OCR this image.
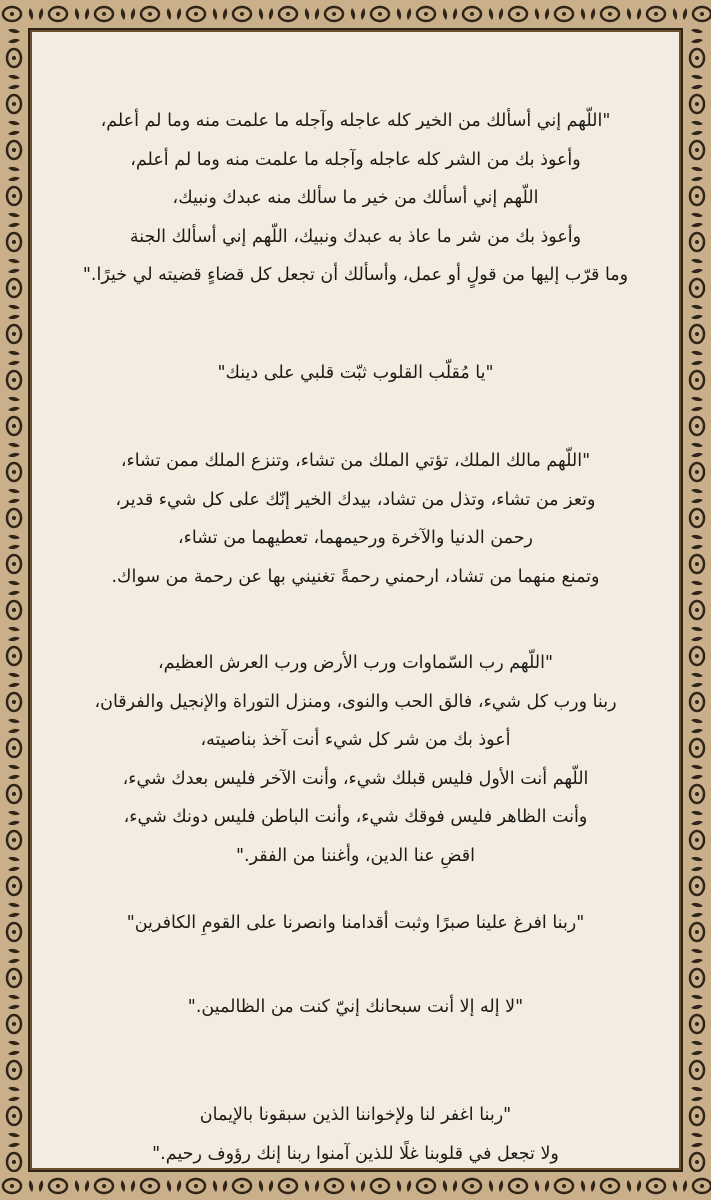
"اللّهم إني أسألك من الخير كله عاجله وآجله ما علمت منه وما لم أعلم،

وأعوذ بك من الشر كله عاجله وآجله ما علمت منه وما لم أعلم،

اللّهم إني أسألك من خير ما سألك منه عبدك ونبيك،

وأعوذ بك من شر ما عاذ به عبدك ونبيك، اللّهم إني أسألك الجنة

وما قرّب إليها من قولٍ أو عمل، وأسألك أن تجعل كل قضاءٍ قضيته لي خيرًا."

"يا مُقلّب القلوب ثبّت قلبي على دينك"

"اللّهم مالك الملك، تؤتي الملك من تشاء، وتنزع الملك ممن تشاء،

وتعز من تشاء، وتذل من تشاد، بيدك الخير إنّك على كل شيء قدير،

رحمن الدنيا والآخرة ورحيمهما، تعطيهما من تشاء،

وتمنع منهما من تشاد، ارحمني رحمةً تغنيني بها عن رحمة من سواك.

"اللّهم رب السّماوات ورب الأرض ورب العرش العظيم،

ربنا ورب كل شيء، فالق الحب والنوى، ومنزل التوراة والإنجيل والفرقان،

أعوذ بك من شر كل شيء أنت آخذ بناصيته،

اللّهم أنت الأول فليس قبلك شيء، وأنت الآخر فليس بعدك شيء،

وأنت الظاهر فليس فوقك شيء، وأنت الباطن فليس دونك شيء،

اقضِ عنا الدين، وأغننا من الفقر."

"ربنا افرغ علينا صبرًا وثبت أقدامنا وانصرنا على القومِ الكافرين"

"لا إله إلا أنت سبحانك إنيّ كنت من الظالمين."

"ربنا اغفر لنا ولإخواننا الذين سبقونا بالإيمان

ولا تجعل في قلوبنا غلًا للذين آمنوا ربنا إنك رؤوف رحيم."
